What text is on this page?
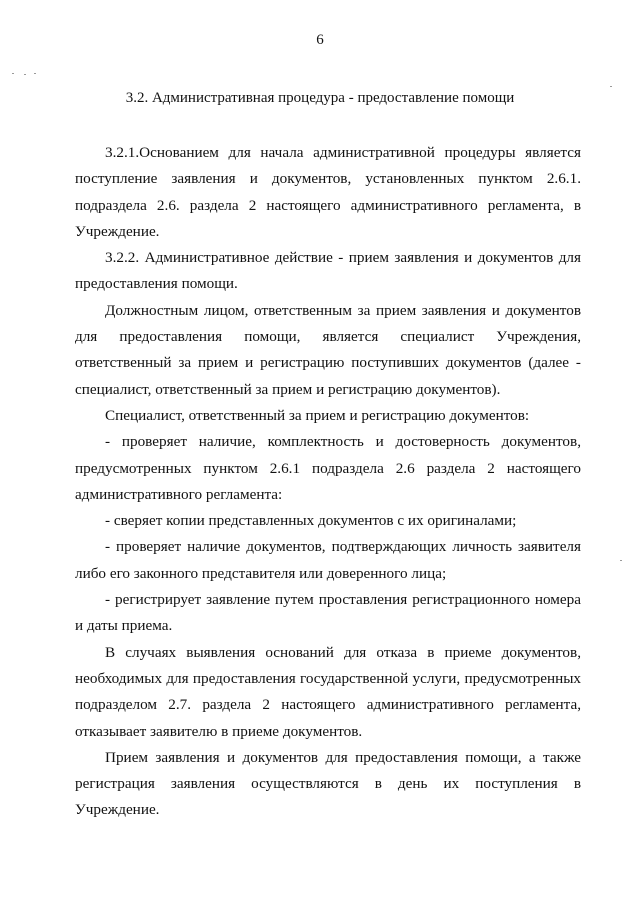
6
3.2. Административная процедура - предоставление помощи

3.2.1.Основанием для начала административной процедуры является поступление заявления и документов, установленных пунктом 2.6.1. подраздела 2.6. раздела 2 настоящего административного регламента, в Учреждение.

3.2.2. Административное действие - прием заявления и документов для предоставления помощи.

Должностным лицом, ответственным за прием заявления и документов для предоставления помощи, является специалист Учреждения, ответственный за прием и регистрацию поступивших документов (далее - специалист, ответственный за прием и регистрацию документов).

Специалист, ответственный за прием и регистрацию документов:

- проверяет наличие, комплектность и достоверность документов, предусмотренных пунктом 2.6.1 подраздела 2.6 раздела 2 настоящего административного регламента:

- сверяет копии представленных документов с их оригиналами;

- проверяет наличие документов, подтверждающих личность заявителя либо его законного представителя или доверенного лица;

- регистрирует заявление путем проставления регистрационного номера и даты приема.

В случаях выявления оснований для отказа в приеме документов, необходимых для предоставления государственной услуги, предусмотренных подразделом 2.7. раздела 2 настоящего административного регламента, отказывает заявителю в приеме документов.

Прием заявления и документов для предоставления помощи, а также регистрация заявления осуществляются в день их поступления в Учреждение.
